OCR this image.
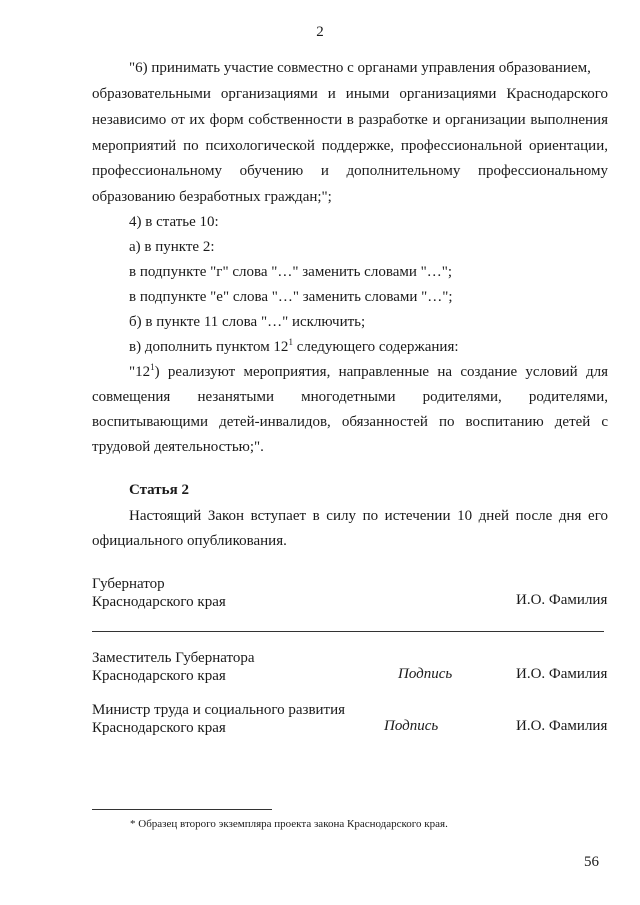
2
"6) принимать участие совместно с органами управления образованием,
образовательными организациями и иными организациями Краснодарского
независимо от их форм собственности в разработке и организации выполнения
мероприятий по психологической поддержке, профессиональной ориентации,
профессиональному обучению и дополнительному профессиональному
образованию безработных граждан;";
4) в статье 10:
а) в пункте 2:
в подпункте "г" слова "…" заменить словами "…";
в подпункте "е" слова "…" заменить словами "…";
б) в пункте 11 слова "…" исключить;
в) дополнить пунктом $12^1$ следующего содержания:
"$12^1$) реализуют мероприятия, направленные на создание условий для
совмещения незанятыми многодетными родителями, родителями,
воспитывающими детей-инвалидов, обязанностей по воспитанию детей с
трудовой деятельностью;".
Статья 2
Настоящий Закон вступает в силу по истечении 10 дней после дня его
официального опубликования.
Губернатор
Краснодарского края	И.О. Фамилия
Заместитель Губернатора
Краснодарского края	Подпись	И.О. Фамилия
Министр труда и социального развития
Краснодарского края	Подпись	И.О. Фамилия
* Образец второго экземпляра проекта закона Краснодарского края.
56
